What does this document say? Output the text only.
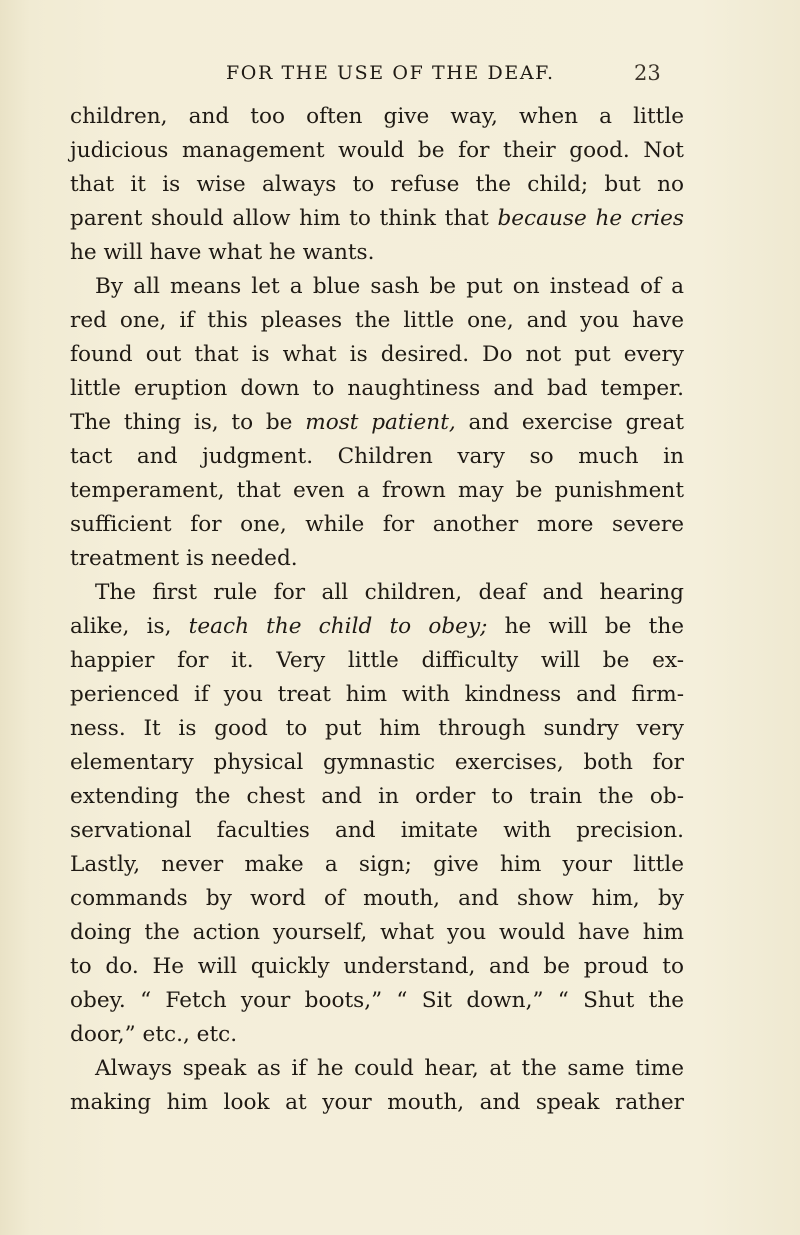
FOR THE USE OF THE DEAF.	23
children, and too often give way, when a little
judicious management would be for their good. Not
that it is wise always to refuse the child; but no
parent should allow him to think that because he cries
he will have what he wants.
By all means let a blue sash be put on instead of a
red one, if this pleases the little one, and you have
found out that is what is desired. Do not put every
little eruption down to naughtiness and bad temper.
The thing is, to be most patient, and exercise great
tact and judgment. Children vary so much in
temperament, that even a frown may be punishment
sufficient for one, while for another more severe
treatment is needed.
The first rule for all children, deaf and hearing
alike, is, teach the child to obey; he will be the
happier for it. Very little difficulty will be ex-
perienced if you treat him with kindness and firm-
ness. It is good to put him through sundry very
elementary physical gymnastic exercises, both for
extending the chest and in order to train the ob-
servational faculties and imitate with precision.
Lastly, never make a sign; give him your little
commands by word of mouth, and show him, by
doing the action yourself, what you would have him
to do. He will quickly understand, and be proud to
obey. “ Fetch your boots,” “ Sit down,” “ Shut the
door,” etc., etc.
Always speak as if he could hear, at the same time
making him look at your mouth, and speak rather
